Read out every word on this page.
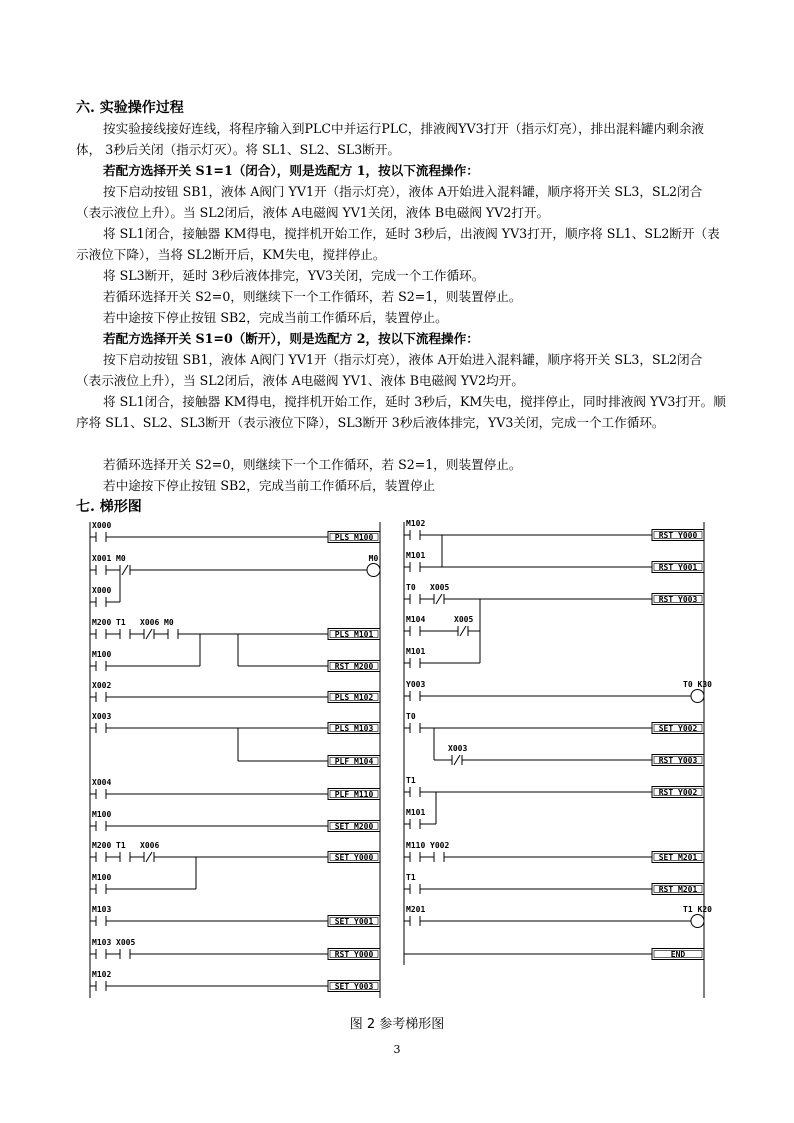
六. 实验操作过程

按实验接线接好连线，将程序输入到PLC中并运行PLC，排液阀YV3打开（指示灯亮），排出混料罐内剩余液体， 3秒后关闭（指示灯灭）。将 SL1、SL2、SL3断开。

若配方选择开关 S1=1（闭合），则是选配方 1，按以下流程操作：

按下启动按钮 SB1，液体 A阀门 YV1开（指示灯亮），液体 A开始进入混料罐，顺序将开关 SL3，SL2闭合（表示液位上升）。当 SL2闭后，液体 A电磁阀 YV1关闭，液体 B电磁阀 YV2打开。

将 SL1闭合，接触器 KM得电，搅拌机开始工作，延时 3秒后，出液阀 YV3打开，顺序将 SL1、SL2断开（表示液位下降），当将 SL2断开后，KM失电，搅拌停止。

将 SL3断开，延时 3秒后液体排完，YV3关闭，完成一个工作循环。

若循环选择开关 S2=0，则继续下一个工作循环，若 S2=1，则装置停止。

若中途按下停止按钮 SB2，完成当前工作循环后，装置停止。

若配方选择开关 S1=0（断开），则是选配方 2，按以下流程操作：

按下启动按钮 SB1，液体 A阀门 YV1开（指示灯亮），液体 A开始进入混料罐，顺序将开关 SL3，SL2闭合（表示液位上升），当 SL2闭后，液体 A电磁阀 YV1、液体 B电磁阀 YV2均开。

将 SL1闭合，接触器 KM得电，搅拌机开始工作，延时 3秒后，KM失电，搅拌停止，同时排液阀 YV3打开。顺序将 SL1、SL2、SL3断开（表示液位下降），SL3断开 3秒后液体排完，YV3关闭，完成一个工作循环。

若循环选择开关 S2=0，则继续下一个工作循环，若 S2=1，则装置停止。

若中途按下停止按钮 SB2，完成当前工作循环后，装置停止

七. 梯形图
X000
PLS M100
X001 M0	M0
X000
M200 T1 X006 M0
PLS M101
M100
RST M200
X002
PLS M102
X003
PLS M103
PLF M104
X004
PLF M110
M100
SET M200
M200 T1 X006
SET Y000
M100
M103
SET Y001
M103 X005
RST Y000
M102
SET Y003
M102
RST Y000
M101
RST Y001
T0 X005
RST Y003
M104	X005
M101
Y003	T0 K30
T0
SET Y002
X003
RST Y003
T1
RST Y002
M101
M110 Y002
SET M201
T1
RST M201
M201	T1 K20
END

图 2 参考梯形图

3
